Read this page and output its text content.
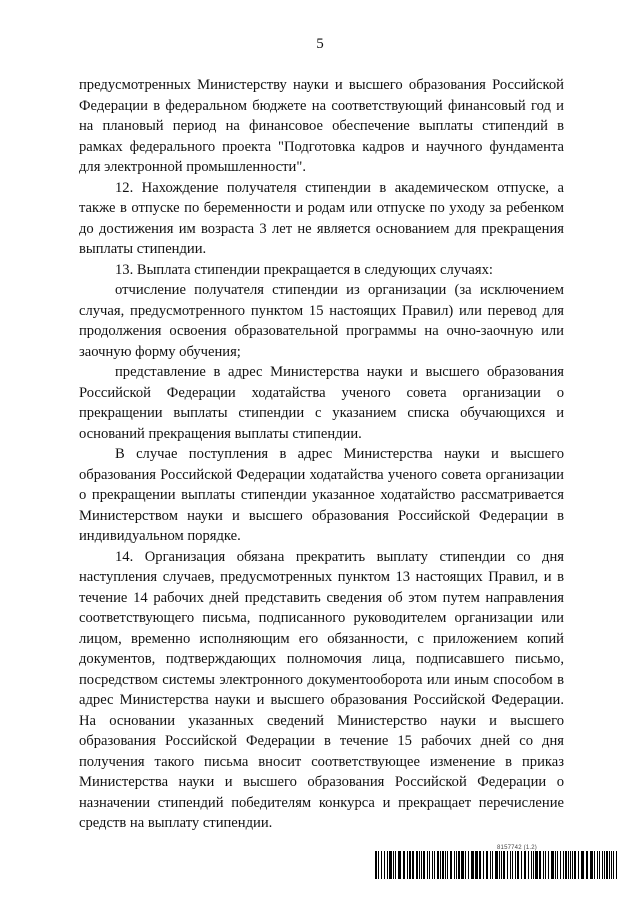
5

предусмотренных Министерству науки и высшего образования Российской Федерации в федеральном бюджете на соответствующий финансовый год и на плановый период на финансовое обеспечение выплаты стипендий в рамках федерального проекта "Подготовка кадров и научного фундамента для электронной промышленности".

12. Нахождение получателя стипендии в академическом отпуске, а также в отпуске по беременности и родам или отпуске по уходу за ребенком до достижения им возраста 3 лет не является основанием для прекращения выплаты стипендии.

13. Выплата стипендии прекращается в следующих случаях:

отчисление получателя стипендии из организации (за исключением случая, предусмотренного пунктом 15 настоящих Правил) или перевод для продолжения освоения образовательной программы на очно-заочную или заочную форму обучения;

представление в адрес Министерства науки и высшего образования Российской Федерации ходатайства ученого совета организации о прекращении выплаты стипендии с указанием списка обучающихся и оснований прекращения выплаты стипендии.

В случае поступления в адрес Министерства науки и высшего образования Российской Федерации ходатайства ученого совета организации о прекращении выплаты стипендии указанное ходатайство рассматривается Министерством науки и высшего образования Российской Федерации в индивидуальном порядке.

14. Организация обязана прекратить выплату стипендии со дня наступления случаев, предусмотренных пунктом 13 настоящих Правил, и в течение 14 рабочих дней представить сведения об этом путем направления соответствующего письма, подписанного руководителем организации или лицом, временно исполняющим его обязанности, с приложением копий документов, подтверждающих полномочия лица, подписавшего письмо, посредством системы электронного документооборота или иным способом в адрес Министерства науки и высшего образования Российской Федерации. На основании указанных сведений Министерство науки и высшего образования Российской Федерации в течение 15 рабочих дней со дня получения такого письма вносит соответствующее изменение в приказ Министерства науки и высшего образования Российской Федерации о назначении стипендий победителям конкурса и прекращает перечисление средств на выплату стипендии.

8157742 (1.2)
